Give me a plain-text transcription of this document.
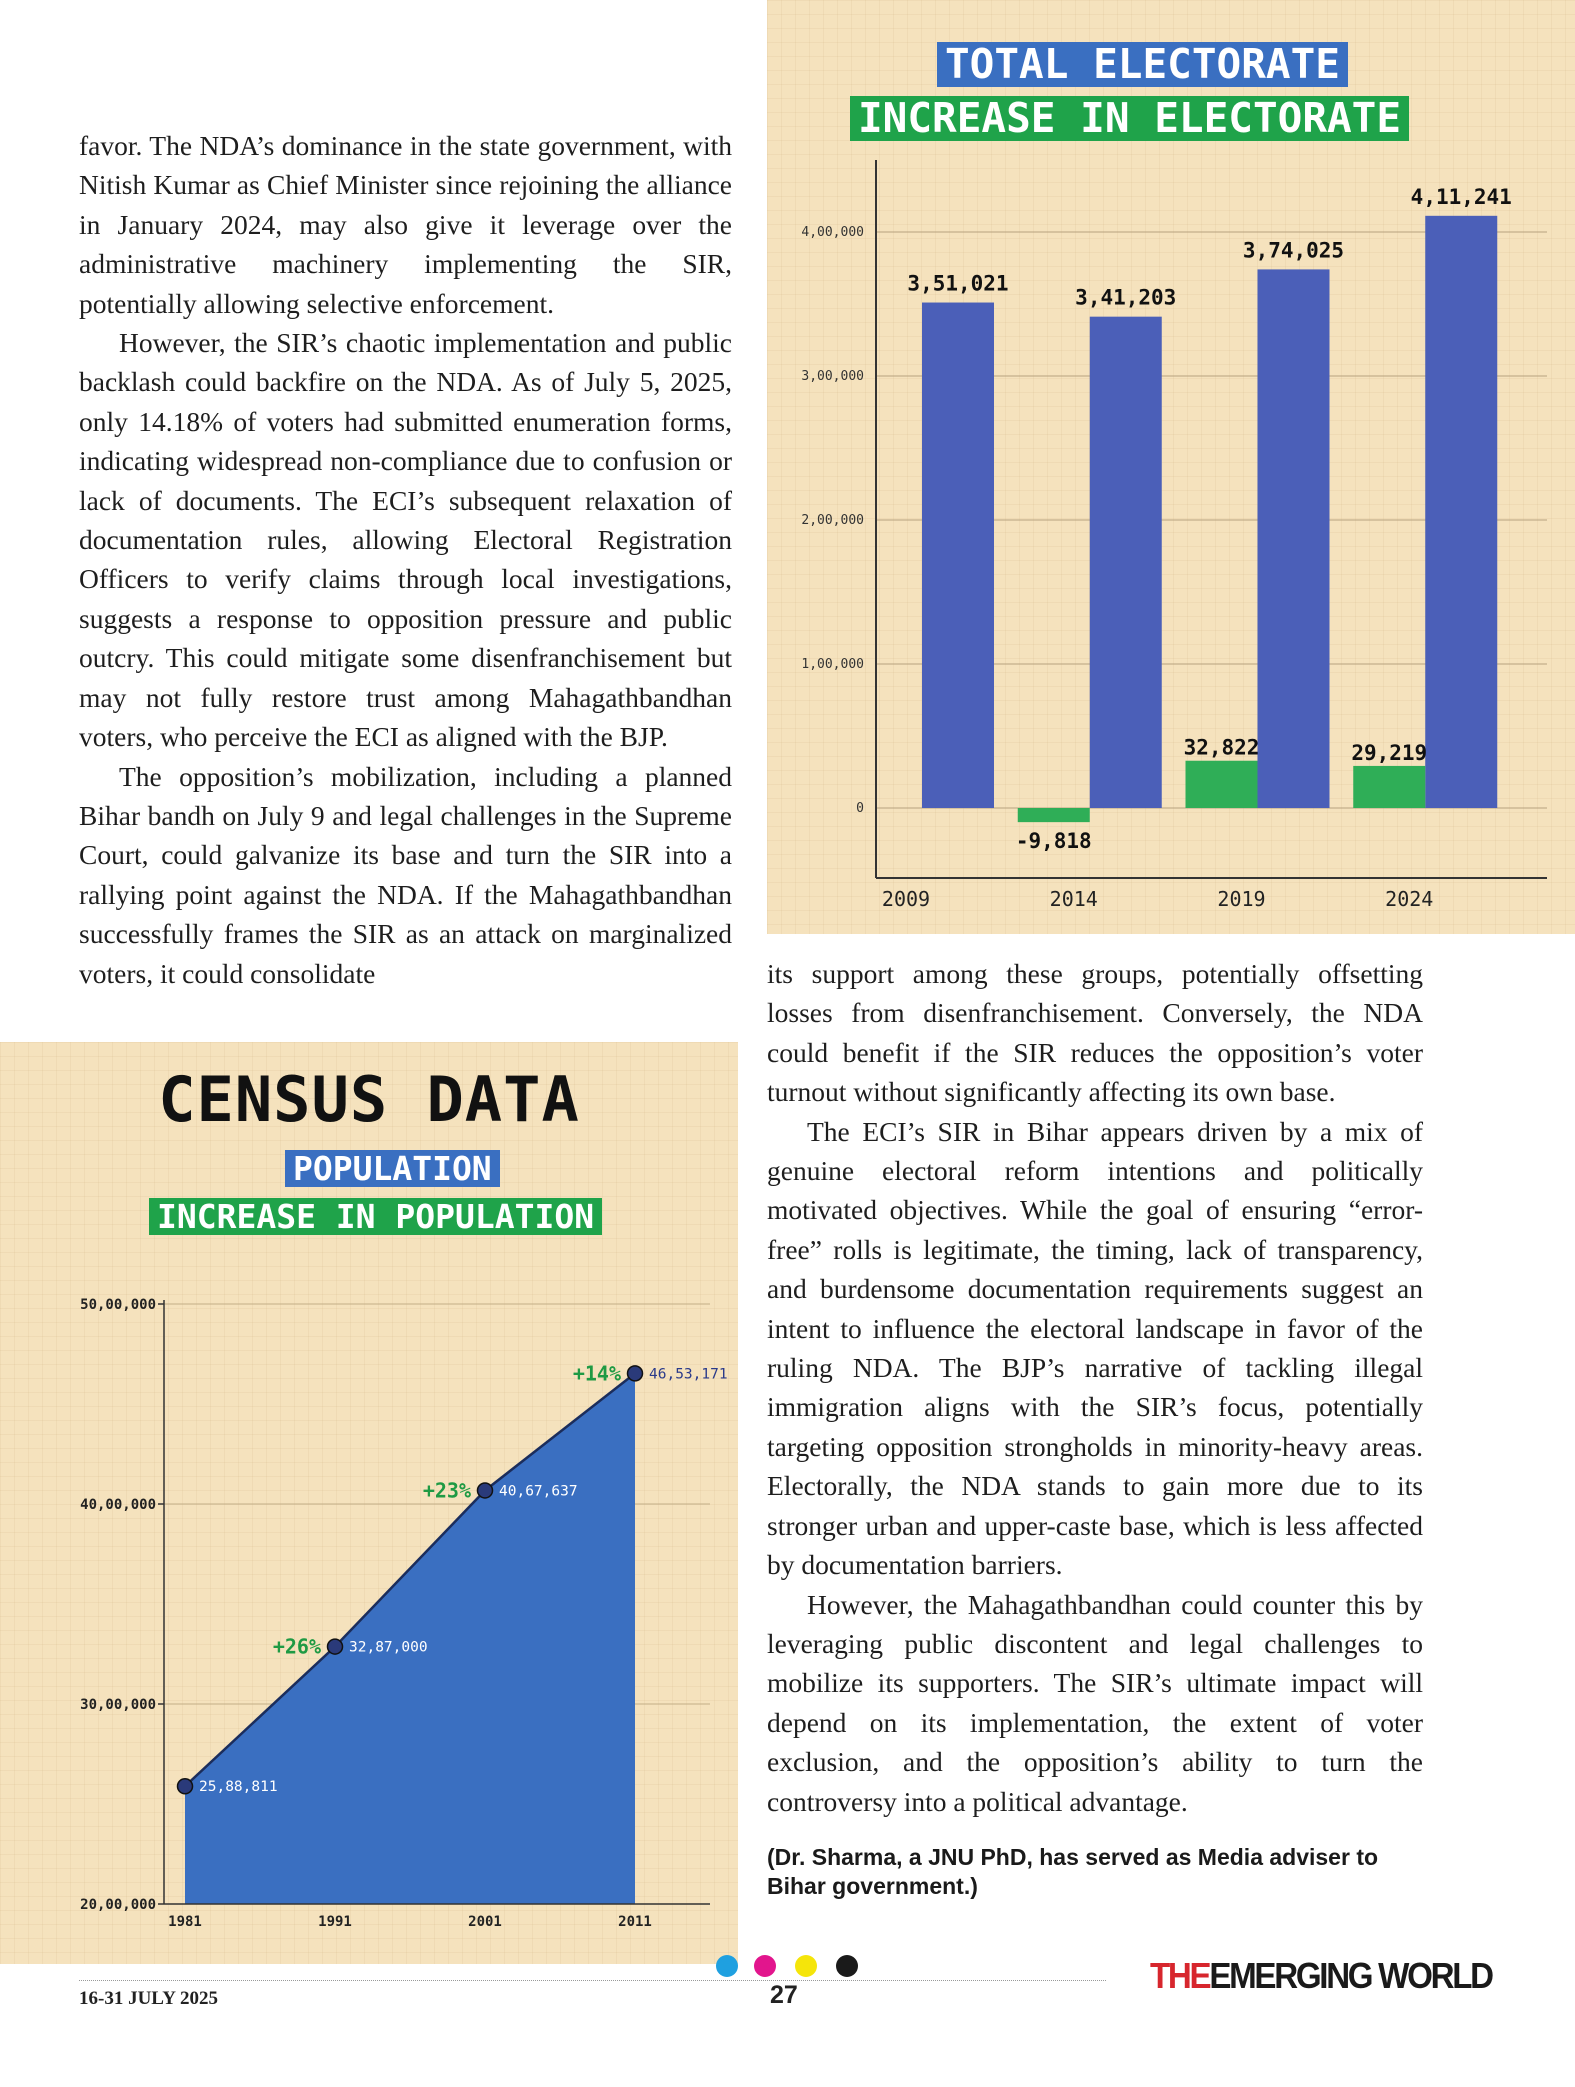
favor. The NDA’s dominance in the state government, with Nitish Kumar as Chief Minister since rejoining the alliance in January 2024, may also give it leverage over the administrative machinery implementing the SIR, potentially allowing selective enforcement.

However, the SIR’s chaotic implementation and public backlash could backfire on the NDA. As of July 5, 2025, only 14.18% of voters had submitted enumeration forms, indicating widespread non-compliance due to confusion or lack of documents. The ECI’s subsequent relaxation of documentation rules, allowing Electoral Registration Officers to verify claims through local investigations, suggests a response to opposition pressure and public outcry. This could mitigate some disenfranchisement but may not fully restore trust among Mahagathbandhan voters, who perceive the ECI as aligned with the BJP.

The opposition’s mobilization, including a planned Bihar bandh on July 9 and legal challenges in the Supreme Court, could galvanize its base and turn the SIR into a rallying point against the NDA. If the Mahagathbandhan successfully frames the SIR as an attack on marginalized voters, it could consolidate

TOTAL ELECTORATE
INCREASE IN ELECTORATE
0
1,00,000
2,00,000
3,00,000
4,00,000
3,51,021
2009
3,41,203
-9,818
2014
3,74,025
32,822
2019
4,11,241
29,219
2024
CENSUS DATA
POPULATION
INCREASE IN POPULATION
20,00,000
30,00,000
40,00,000
50,00,000
25,88,811
1981
32,87,000
+26%
1991
40,67,637
+23%
2001
46,53,171
+14%
2011

its support among these groups, potentially offsetting losses from disenfranchisement. Conversely, the NDA could benefit if the SIR reduces the opposition’s voter turnout without significantly affecting its own base.

The ECI’s SIR in Bihar appears driven by a mix of genuine electoral reform intentions and politically motivated objectives. While the goal of ensuring “error-free” rolls is legitimate, the timing, lack of transparency, and burdensome documentation requirements suggest an intent to influence the electoral landscape in favor of the ruling NDA. The BJP’s narrative of tackling illegal immigration aligns with the SIR’s focus, potentially targeting opposition strongholds in minority-heavy areas. Electorally, the NDA stands to gain more due to its stronger urban and upper-caste base, which is less affected by documentation barriers.

However, the Mahagathbandhan could counter this by leveraging public discontent and legal challenges to mobilize its supporters. The SIR’s ultimate impact will depend on its implementation, the extent of voter exclusion, and the opposition’s ability to turn the controversy into a political advantage.

(Dr. Sharma, a JNU PhD, has served as Media adviser to Bihar government.)
16-31 JULY 2025	27	THEEMERGING WORLD
